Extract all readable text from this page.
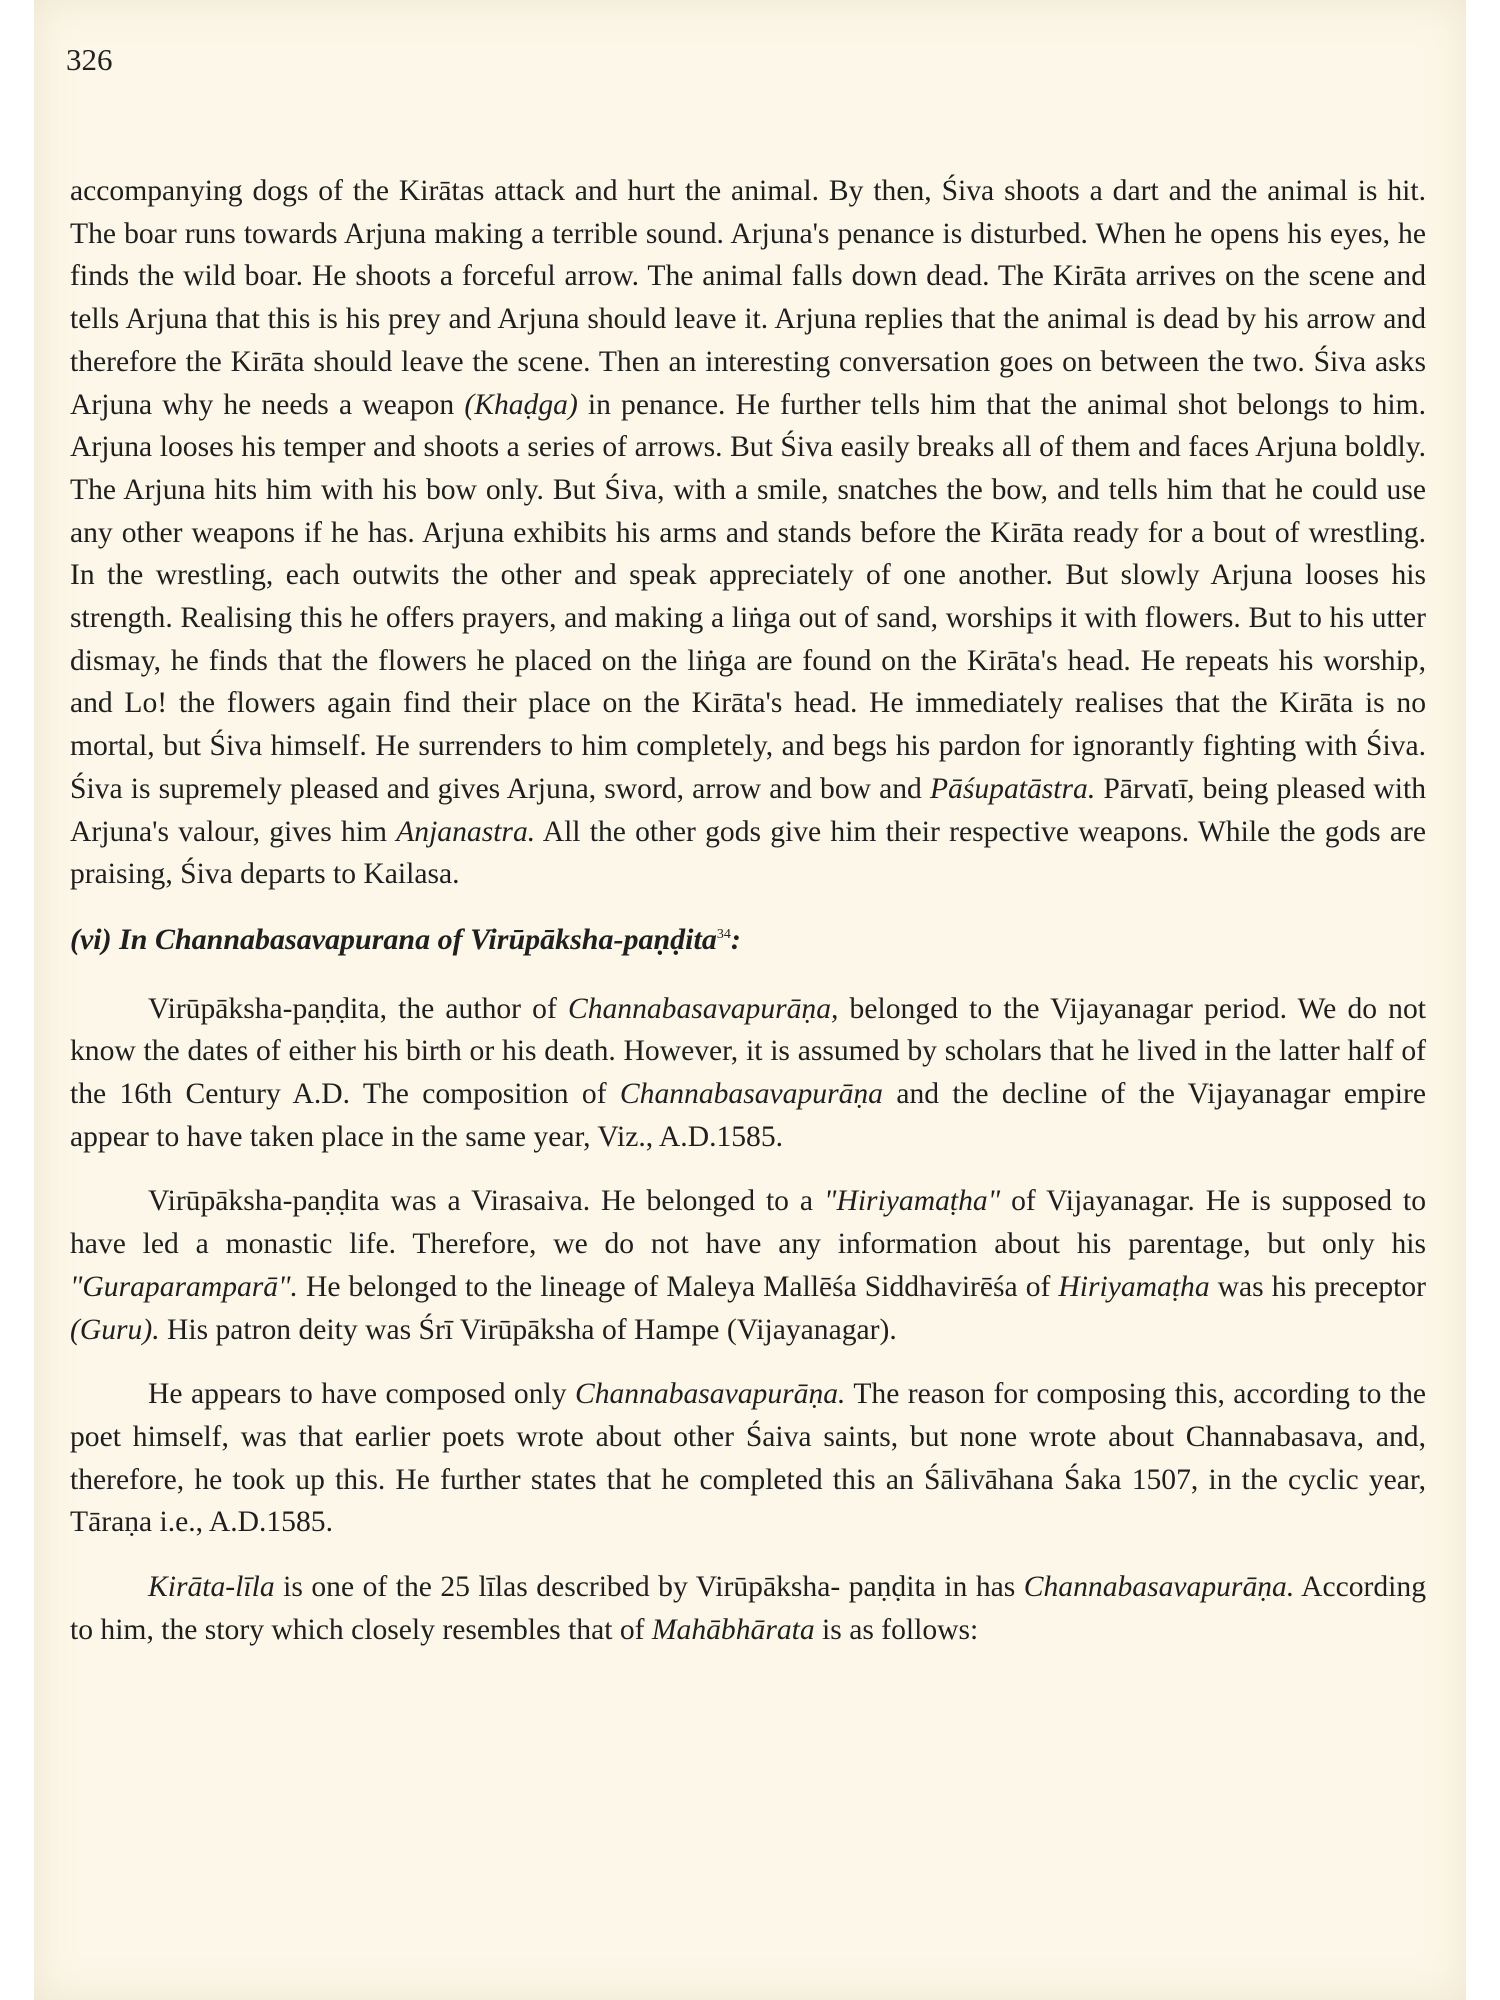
326

accompanying dogs of the Kirātas attack and hurt the animal. By then, Śiva shoots a dart and the animal is hit. The boar runs towards Arjuna making a terrible sound. Arjuna's penance is disturbed. When he opens his eyes, he finds the wild boar. He shoots a forceful arrow. The animal falls down dead. The Kirāta arrives on the scene and tells Arjuna that this is his prey and Arjuna should leave it. Arjuna replies that the animal is dead by his arrow and therefore the Kirāta should leave the scene. Then an interesting conversation goes on between the two. Śiva asks Arjuna why he needs a weapon (Khaḍga) in penance. He further tells him that the animal shot belongs to him. Arjuna looses his temper and shoots a series of arrows. But Śiva easily breaks all of them and faces Arjuna boldly. The Arjuna hits him with his bow only. But Śiva, with a smile, snatches the bow, and tells him that he could use any other weapons if he has. Arjuna exhibits his arms and stands before the Kirāta ready for a bout of wrestling. In the wrestling, each outwits the other and speak appreciately of one another. But slowly Arjuna looses his strength. Realising this he offers prayers, and making a liṅga out of sand, worships it with flowers. But to his utter dismay, he finds that the flowers he placed on the liṅga are found on the Kirāta's head. He repeats his worship, and Lo! the flowers again find their place on the Kirāta's head. He immediately realises that the Kirāta is no mortal, but Śiva himself. He surrenders to him completely, and begs his pardon for ignorantly fighting with Śiva. Śiva is supremely pleased and gives Arjuna, sword, arrow and bow and Pāśupatāstra. Pārvatī, being pleased with Arjuna's valour, gives him Anjanastra. All the other gods give him their respective weapons. While the gods are praising, Śiva departs to Kailasa.

(vi) In Channabasavapurana of Virūpāksha-paṇḍita$^{34}$:

Virūpāksha-paṇḍita, the author of Channabasavapurāṇa, belonged to the Vijayanagar period. We do not know the dates of either his birth or his death. However, it is assumed by scholars that he lived in the latter half of the 16th Century A.D. The composition of Channabasavapurāṇa and the decline of the Vijayanagar empire appear to have taken place in the same year, Viz., A.D.1585.

Virūpāksha-paṇḍita was a Virasaiva. He belonged to a "Hiriyamaṭha" of Vijayanagar. He is supposed to have led a monastic life. Therefore, we do not have any information about his parentage, but only his "Guraparamparā". He belonged to the lineage of Maleya Mallēśa Siddhavirēśa of Hiriyamaṭha was his preceptor (Guru). His patron deity was Śrī Virūpāksha of Hampe (Vijayanagar).

He appears to have composed only Channabasavapurāṇa. The reason for composing this, according to the poet himself, was that earlier poets wrote about other Śaiva saints, but none wrote about Channabasava, and, therefore, he took up this. He further states that he completed this an Śālivāhana Śaka 1507, in the cyclic year, Tāraṇa i.e., A.D.1585.

Kirāta-līla is one of the 25 līlas described by Virūpāksha- paṇḍita in has Channabasavapurāṇa. According to him, the story which closely resembles that of Mahābhārata is as follows:
